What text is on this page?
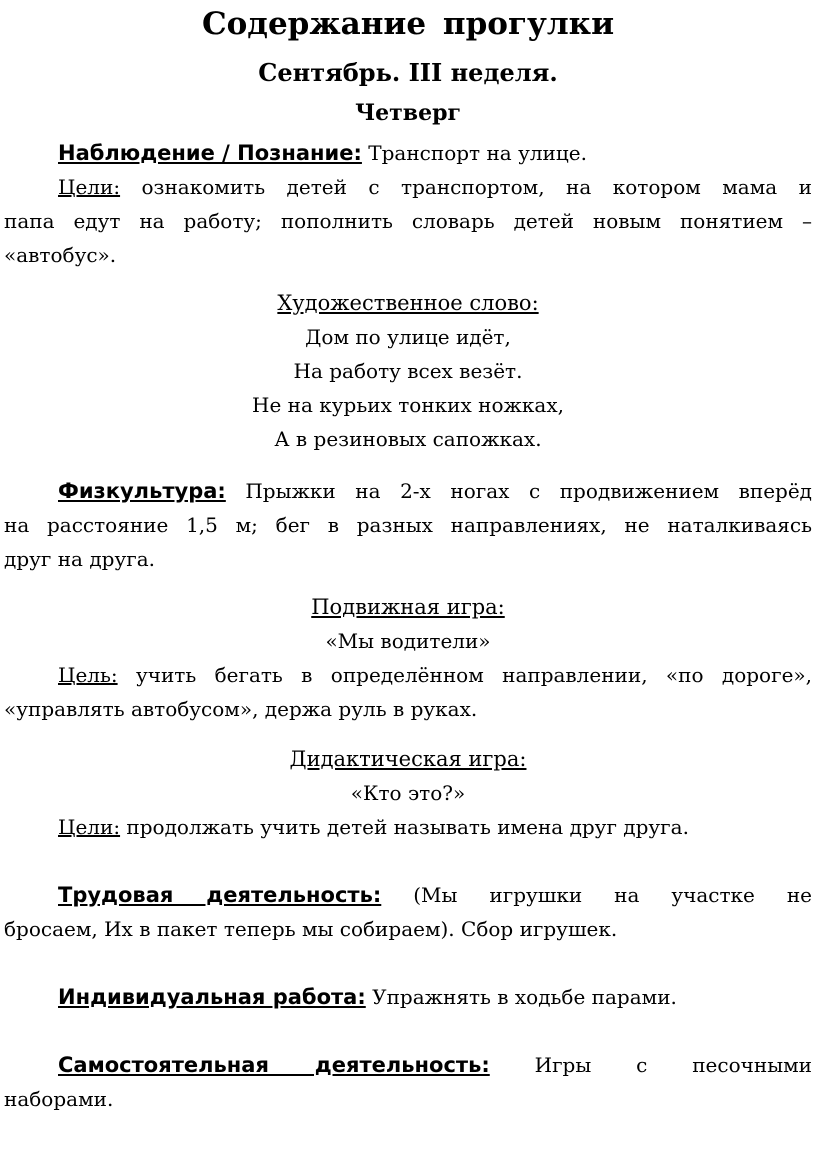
Содержание прогулки
Сентябрь. III неделя.
Четверг
Наблюдение / Познание: Транспорт на улице.
Цели: ознакомить детей с транспортом, на котором мама и
папа едут на работу; пополнить словарь детей новым понятием –
«автобус».
Художественное слово:
Дом по улице идёт,
На работу всех везёт.
Не на курьих тонких ножках,
А в резиновых сапожках.
Физкультура: Прыжки на 2-х ногах с продвижением вперёд
на расстояние 1,5 м; бег в разных направлениях, не наталкиваясь
друг на друга.
Подвижная игра:
«Мы водители»
Цель: учить бегать в определённом направлении, «по дороге»,
«управлять автобусом», держа руль в руках.
Дидактическая игра:
«Кто это?»
Цели: продолжать учить детей называть имена друг друга.
Трудовая деятельность: (Мы игрушки на участке не
бросаем, Их в пакет теперь мы собираем). Сбор игрушек.
Индивидуальная работа: Упражнять в ходьбе парами.
Самостоятельная деятельность: Игры с песочными
наборами.
